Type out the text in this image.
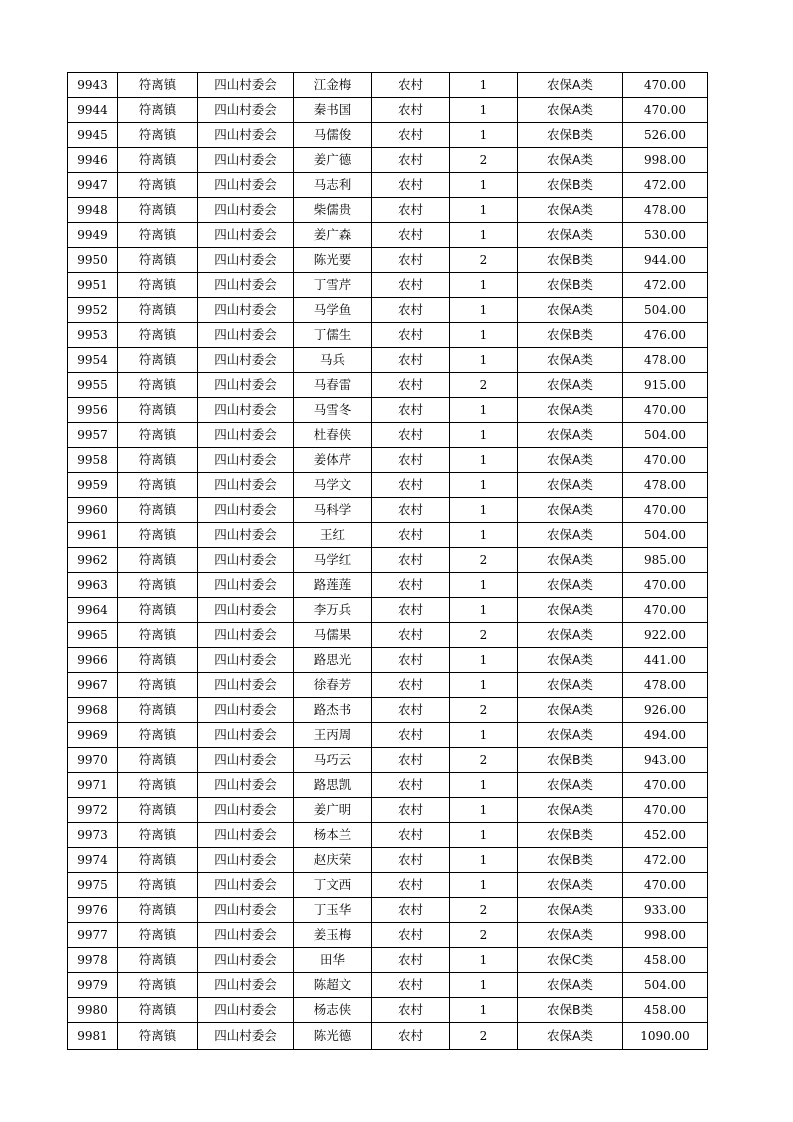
9943	符离镇	四山村委会	江金梅	农村	1	农保A类	470.00
9944	符离镇	四山村委会	秦书国	农村	1	农保A类	470.00
9945	符离镇	四山村委会	马儒俊	农村	1	农保B类	526.00
9946	符离镇	四山村委会	姜广德	农村	2	农保A类	998.00
9947	符离镇	四山村委会	马志利	农村	1	农保B类	472.00
9948	符离镇	四山村委会	柴儒贵	农村	1	农保A类	478.00
9949	符离镇	四山村委会	姜广森	农村	1	农保A类	530.00
9950	符离镇	四山村委会	陈光要	农村	2	农保B类	944.00
9951	符离镇	四山村委会	丁雪芹	农村	1	农保B类	472.00
9952	符离镇	四山村委会	马学鱼	农村	1	农保A类	504.00
9953	符离镇	四山村委会	丁儒生	农村	1	农保B类	476.00
9954	符离镇	四山村委会	马兵	农村	1	农保A类	478.00
9955	符离镇	四山村委会	马春雷	农村	2	农保A类	915.00
9956	符离镇	四山村委会	马雪冬	农村	1	农保A类	470.00
9957	符离镇	四山村委会	杜春侠	农村	1	农保A类	504.00
9958	符离镇	四山村委会	姜体芹	农村	1	农保A类	470.00
9959	符离镇	四山村委会	马学文	农村	1	农保A类	478.00
9960	符离镇	四山村委会	马科学	农村	1	农保A类	470.00
9961	符离镇	四山村委会	王红	农村	1	农保A类	504.00
9962	符离镇	四山村委会	马学红	农村	2	农保A类	985.00
9963	符离镇	四山村委会	路莲莲	农村	1	农保A类	470.00
9964	符离镇	四山村委会	李万兵	农村	1	农保A类	470.00
9965	符离镇	四山村委会	马儒果	农村	2	农保A类	922.00
9966	符离镇	四山村委会	路思光	农村	1	农保A类	441.00
9967	符离镇	四山村委会	徐春芳	农村	1	农保A类	478.00
9968	符离镇	四山村委会	路杰书	农村	2	农保A类	926.00
9969	符离镇	四山村委会	王丙周	农村	1	农保A类	494.00
9970	符离镇	四山村委会	马巧云	农村	2	农保B类	943.00
9971	符离镇	四山村委会	路思凯	农村	1	农保A类	470.00
9972	符离镇	四山村委会	姜广明	农村	1	农保A类	470.00
9973	符离镇	四山村委会	杨本兰	农村	1	农保B类	452.00
9974	符离镇	四山村委会	赵庆荣	农村	1	农保B类	472.00
9975	符离镇	四山村委会	丁文西	农村	1	农保A类	470.00
9976	符离镇	四山村委会	丁玉华	农村	2	农保A类	933.00
9977	符离镇	四山村委会	姜玉梅	农村	2	农保A类	998.00
9978	符离镇	四山村委会	田华	农村	1	农保C类	458.00
9979	符离镇	四山村委会	陈超文	农村	1	农保A类	504.00
9980	符离镇	四山村委会	杨志侠	农村	1	农保B类	458.00
9981	符离镇	四山村委会	陈光德	农村	2	农保A类	1090.00
